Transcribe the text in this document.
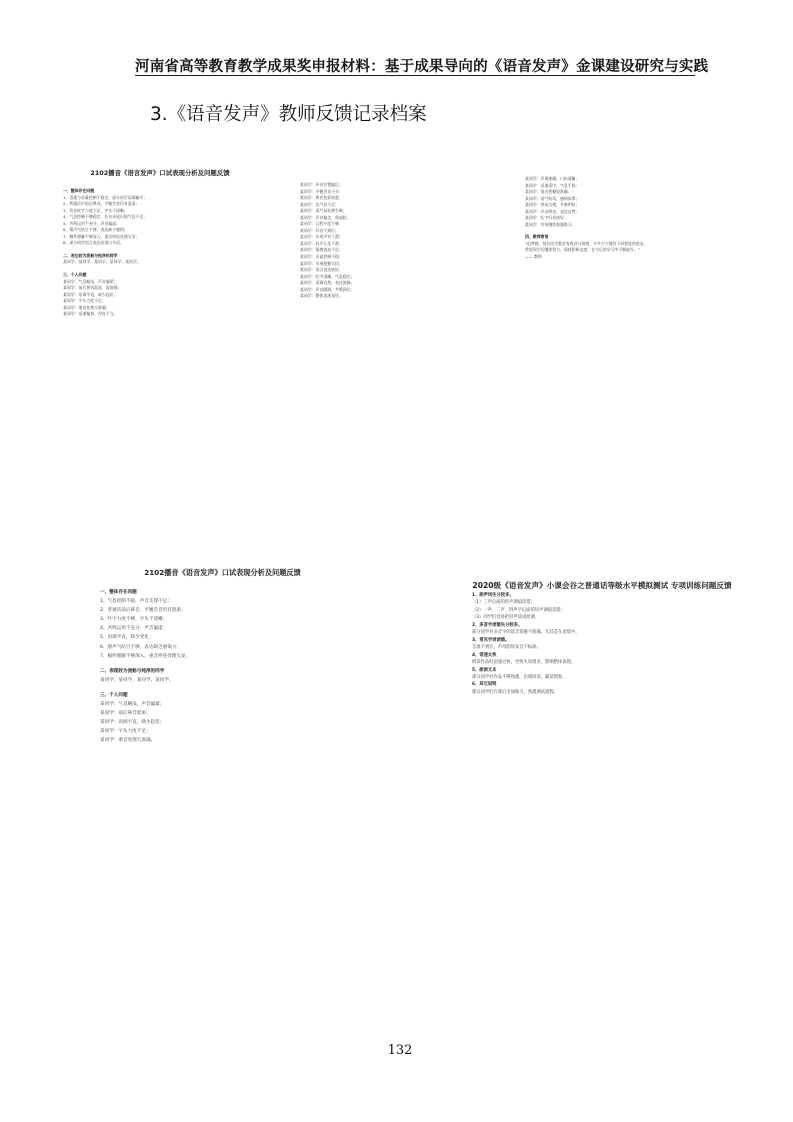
河南省高等教育教学成果奖申报材料：基于成果导向的《语音发声》金课建设研究与实践
3.《语音发声》教师反馈记录档案
2102播音《语言发声》口试表现分析及问题反馈
一、整体存在问题
1、语速与音量控制不稳定，部分同学语调偏平；
2、普通话中前后鼻音、平翘舌音仍有混淆；
3、发音吐字力度不足，字头不清晰；
4、气息控制不够稳定，长句末尾出现气息不足；
5、共鸣运用不充分，声音偏虚；
6、情声气结合不够，表达缺少感情；
7、稿件理解不够深入，重音停连处理欠妥；
8、部分同学语言表达出现口头语。
二、表达较为流畅与纯净的同学
某同学、某同学、某同学、某同学、某同学。
三、个人问题
某同学：气息略浅，声音偏紧；
某同学：前后鼻音混淆，需加强；
某同学：语调平直，缺少起伏；
某同学：字头力度不足；
某同学：重音处理欠准确；
某同学：语速偏快，停连不当。
某同学：声音位置偏后；
某同学：平翘舌音不分；
某同学：鼻音色彩较重；
某同学：送气音不足；
某同学：语气词处理生硬；
某同学：声音偏尖，需放松；
某同学：口腔开度不够；
某同学：归音不到位；
某同学：句尾声音下滑；
某同学：轻声儿化不准；
某同学：情感表达不足；
某同学：音高控制不稳；
某同学：节奏把握欠佳；
某同学：语言表达较好；
某同学：吐字清晰，气息稳定；
某同学：语调自然，表达流畅；
某同学：声音圆润，共鸣到位；
某同学：整体表现良好。
某同学：声调准确，口齿清晰；
某同学：语速适中，气息平稳；
某同学：重音把握较准确；
某同学：语气贴切，感情真挚；
某同学：停连合理，节奏明快；
某同学：声音明亮，表达自然；
某同学：吐字归音较好；
某同学：有待继续加强练习。
四、教师寄语
“追梦路，每位同学都会有收获与困惑，多多少少都有不同程度的进步，
希望同学们继续努力，保持积极态度，在今后的学习中不断提升。”
—— 教师
2102播音《语音发声》口试表现分析及问题反馈
一、整体存在问题
1、气息控制不稳，声音支撑不足；
2、普通话前后鼻音、平翘舌音仍有混淆；
3、吐字力度不够，字头不清晰；
4、共鸣运用不充分，声音偏虚；
5、语调平直，缺少变化；
6、情声气结合不够，表达缺乏感染力；
7、稿件理解不够深入，重音停连处理欠妥。
二、表现较为流畅与纯净的同学
某同学、某同学、某同学、某同学。
三、个人问题
某同学：气息略浅，声音偏紧；
某同学：前后鼻音混淆；
某同学：语调平直，缺少起伏；
某同学：字头力度不足；
某同学：重音处理欠准确。
2020级《语音发声》小课会谷之普通话等级水平模拟测试 专项训练问题反馈
1、朗声词失分较多。
（1）三声后面的轻声调值读错；
（2）一声、二声、四声字后面的轻声调值读错；
（3）同学们容易把轻声读成原调。
2、多音字读错失分较多。
部分同学对多音字的读音掌握不准确，尤其是在语境中。
3、常见字词读错。
音准不到位，声母韵母发音不标准。
4、语速太快
朗读作品时语速过快，导致失误增多，影响整体表现。
5、朗读文本
部分同学对作品不够熟悉，出现回读、漏读现象。
6、其它说明
建议同学们在课后多加练习，熟悉测试流程。
132
